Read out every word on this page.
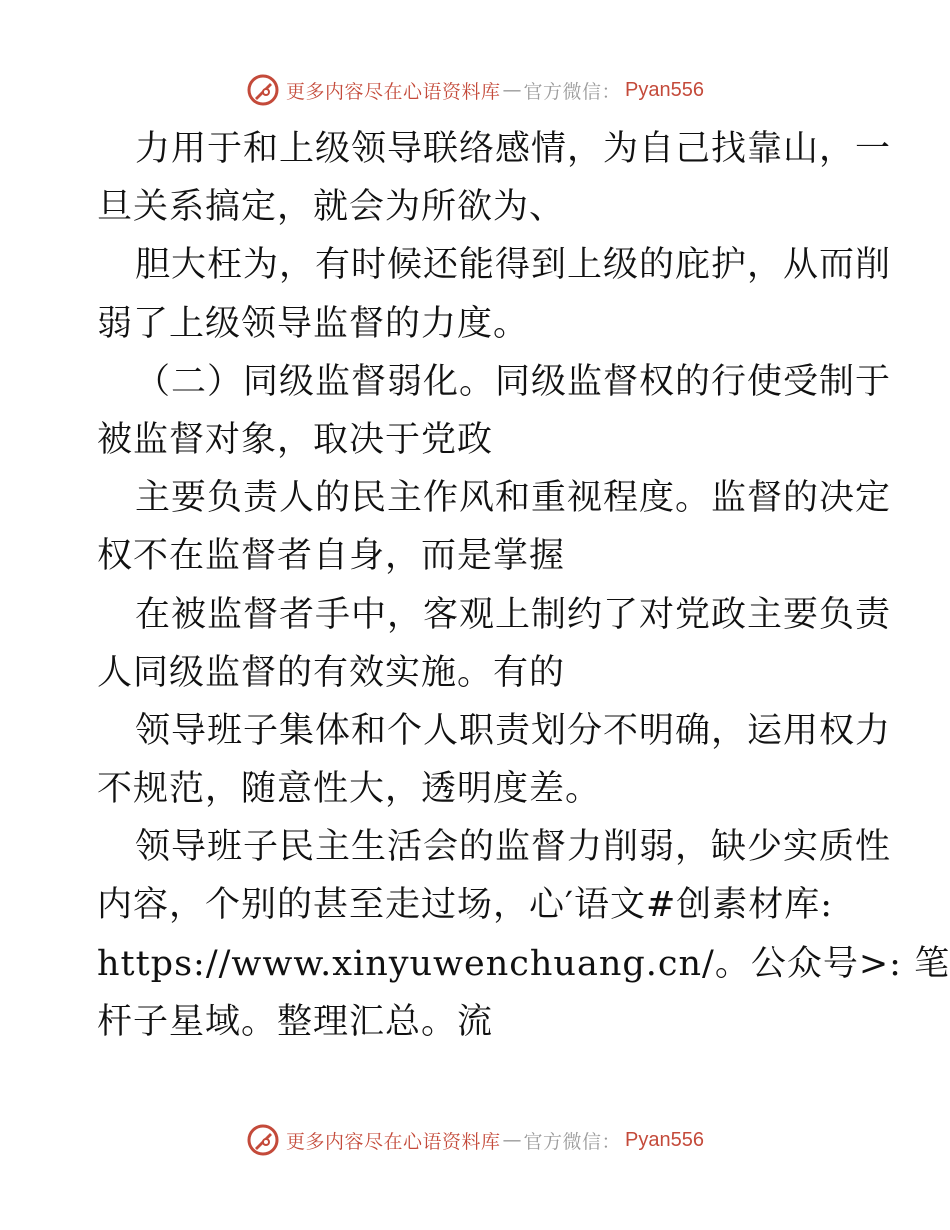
更多内容尽在心语资料库 — 官方微信： Pyan556
力用于和上级领导联络感情，为自己找靠山，一
旦关系搞定，就会为所欲为、
胆大枉为，有时候还能得到上级的庇护，从而削
弱了上级领导监督的力度。
（二）同级监督弱化。同级监督权的行使受制于
被监督对象，取决于党政
主要负责人的民主作风和重视程度。监督的决定
权不在监督者自身，而是掌握
在被监督者手中，客观上制约了对党政主要负责
人同级监督的有效实施。有的
领导班子集体和个人职责划分不明确，运用权力
不规范，随意性大，透明度差。
领导班子民主生活会的监督力削弱，缺少实质性
内容，个别的甚至走过场，心′语文#创素材库:
https://www.xinyuwenchuang.cn/。公众号>: 笔
杆子星域。整理汇总。流
更多内容尽在心语资料库 — 官方微信： Pyan556
